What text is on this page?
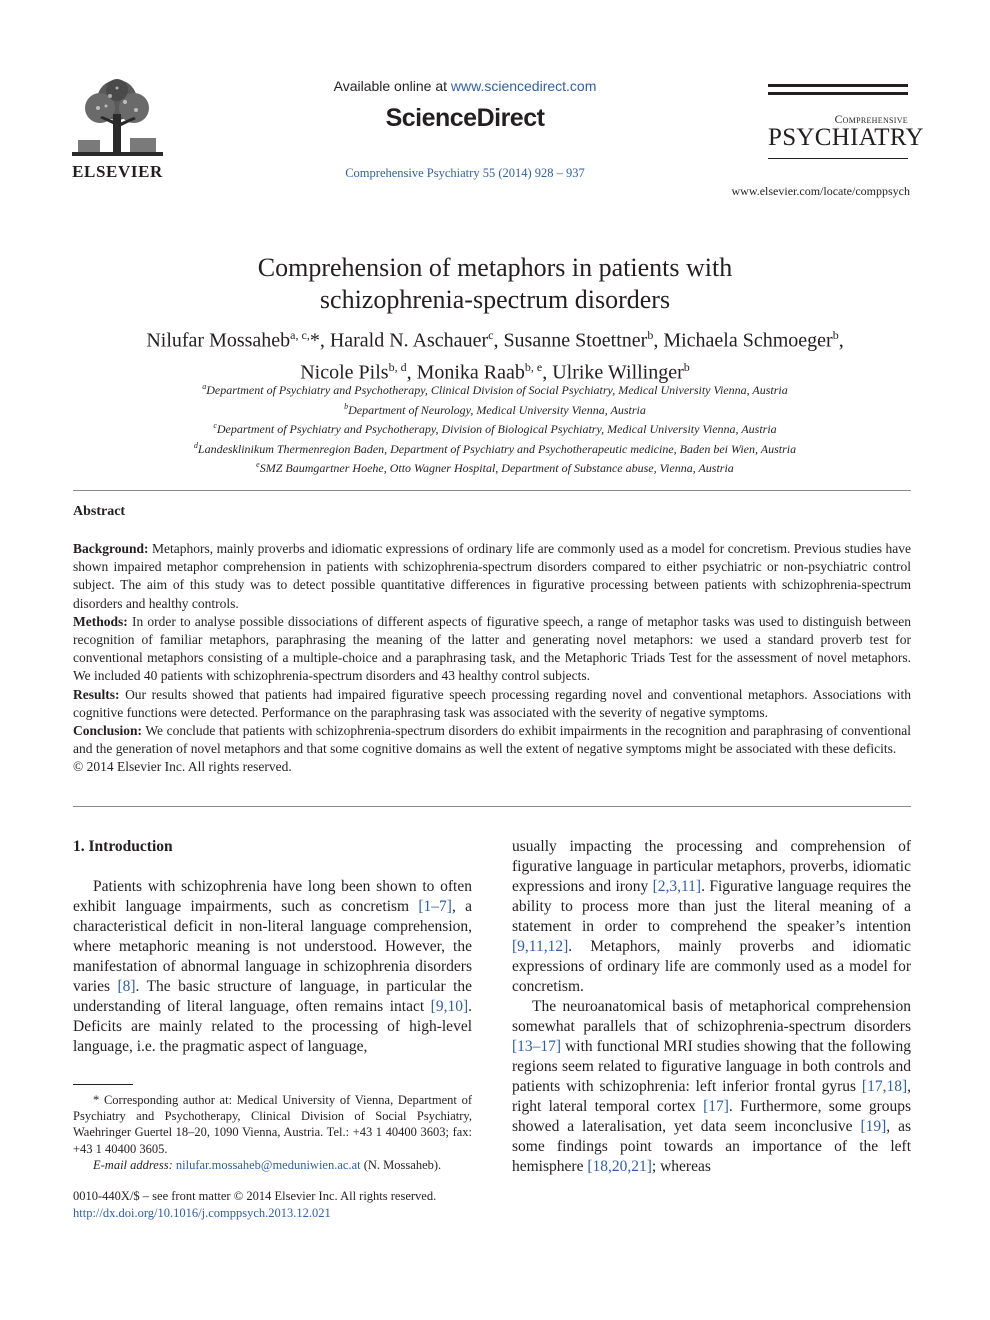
ELSEVIER
Available online at www.sciencedirect.com
ScienceDirect
Comprehensive Psychiatry 55 (2014) 928 – 937
Comprehensive
PSYCHIATRY
www.elsevier.com/locate/comppsych
Comprehension of metaphors in patients with
schizophrenia-spectrum disorders
Nilufar Mossaheb$^{a, c,}$*, Harald N. Aschauer$^c$, Susanne Stoettner$^b$, Michaela Schmoeger$^b$,
Nicole Pils$^{b, d}$, Monika Raab$^{b, e}$, Ulrike Willinger$^b$
$^a$Department of Psychiatry and Psychotherapy, Clinical Division of Social Psychiatry, Medical University Vienna, Austria
$^b$Department of Neurology, Medical University Vienna, Austria
$^c$Department of Psychiatry and Psychotherapy, Division of Biological Psychiatry, Medical University Vienna, Austria
$^d$Landesklinikum Thermenregion Baden, Department of Psychiatry and Psychotherapeutic medicine, Baden bei Wien, Austria
$^e$SMZ Baumgartner Hoehe, Otto Wagner Hospital, Department of Substance abuse, Vienna, Austria
Abstract

Background: Metaphors, mainly proverbs and idiomatic expressions of ordinary life are commonly used as a model for concretism. Previous studies have shown impaired metaphor comprehension in patients with schizophrenia-spectrum disorders compared to either psychiatric or non-psychiatric control subject. The aim of this study was to detect possible quantitative differences in figurative processing between patients with schizophrenia-spectrum disorders and healthy controls.

Methods: In order to analyse possible dissociations of different aspects of figurative speech, a range of metaphor tasks was used to distinguish between recognition of familiar metaphors, paraphrasing the meaning of the latter and generating novel metaphors: we used a standard proverb test for conventional metaphors consisting of a multiple-choice and a paraphrasing task, and the Metaphoric Triads Test for the assessment of novel metaphors. We included 40 patients with schizophrenia-spectrum disorders and 43 healthy control subjects.

Results: Our results showed that patients had impaired figurative speech processing regarding novel and conventional metaphors. Associations with cognitive functions were detected. Performance on the paraphrasing task was associated with the severity of negative symptoms.

Conclusion: We conclude that patients with schizophrenia-spectrum disorders do exhibit impairments in the recognition and paraphrasing of conventional and the generation of novel metaphors and that some cognitive domains as well the extent of negative symptoms might be associated with these deficits.

© 2014 Elsevier Inc. All rights reserved.

1. Introduction

Patients with schizophrenia have long been shown to often exhibit language impairments, such as concretism [1–7], a characteristical deficit in non-literal language comprehension, where metaphoric meaning is not understood. However, the manifestation of abnormal language in schizophrenia disorders varies [8]. The basic structure of language, in particular the understanding of literal language, often remains intact [9,10]. Deficits are mainly related to the processing of high-level language, i.e. the pragmatic aspect of language,

* Corresponding author at: Medical University of Vienna, Department of Psychiatry and Psychotherapy, Clinical Division of Social Psychiatry, Waehringer Guertel 18–20, 1090 Vienna, Austria. Tel.: +43 1 40400 3603; fax: +43 1 40400 3605.

E-mail address: nilufar.mossaheb@meduniwien.ac.at (N. Mossaheb).

0010-440X/$ – see front matter © 2014 Elsevier Inc. All rights reserved.
http://dx.doi.org/10.1016/j.comppsych.2013.12.021

usually impacting the processing and comprehension of figurative language in particular metaphors, proverbs, idiomatic expressions and irony [2,3,11]. Figurative language requires the ability to process more than just the literal meaning of a statement in order to comprehend the speaker’s intention [9,11,12]. Metaphors, mainly proverbs and idiomatic expressions of ordinary life are commonly used as a model for concretism.

The neuroanatomical basis of metaphorical comprehension somewhat parallels that of schizophrenia-spectrum disorders [13–17] with functional MRI studies showing that the following regions seem related to figurative language in both controls and patients with schizophrenia: left inferior frontal gyrus [17,18], right lateral temporal cortex [17]. Furthermore, some groups showed a lateralisation, yet data seem inconclusive [19], as some findings point towards an importance of the left hemisphere [18,20,21]; whereas
